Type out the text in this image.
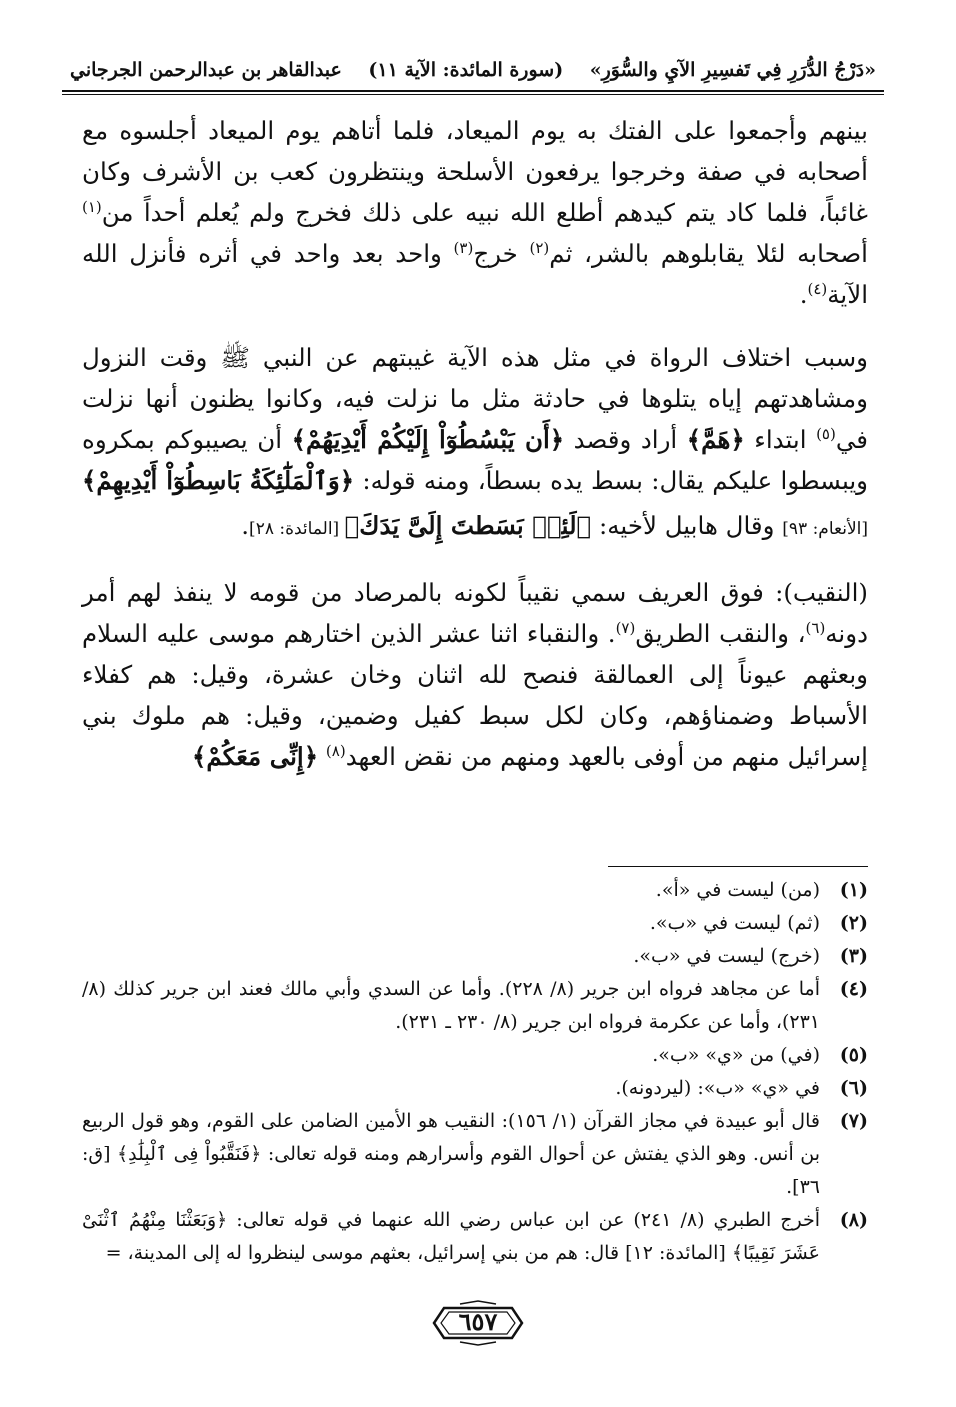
«دَرْجُ الدُّرَرِ فِي تَفسِيرِ الآيِ والسُّوَرِ»
(سورة المائدة: الآية ١١)
عبدالقاهر بن عبدالرحمن الجرجاني

بينهم وأجمعوا على الفتك به يوم الميعاد، فلما أتاهم يوم الميعاد أجلسوه مع أصحابه في صفة وخرجوا يرفعون الأسلحة وينتظرون كعب بن الأشرف وكان غائباً، فلما كاد يتم كيدهم أطلع الله نبيه على ذلك فخرج ولم يُعلم أحداً من$^{(١)}$ أصحابه لئلا يقابلوهم بالشر، ثم$^{(٢)}$ خرج$^{(٣)}$ واحد بعد واحد في أثره فأنزل الله الآية$^{(٤)}$.

وسبب اختلاف الرواة في مثل هذه الآية غيبتهم عن النبي ﷺ وقت النزول ومشاهدتهم إياه يتلوها في حادثة مثل ما نزلت فيه، وكانوا يظنون أنها نزلت في$^{(٥)}$ ابتداء ﴿هَمَّ﴾ أراد وقصد ﴿أَن يَبْسُطُوٓاْ إِلَيْكُمْ أَيْدِيَهُمْ﴾ أن يصيبوكم بمكروه ويبسطوا عليكم يقال: بسط يده بسطاً، ومنه قوله: ﴿وَٱلْمَلَٰٓئِكَةُ بَاسِطُوٓاْ أَيْدِيهِمْ﴾ [الأنعام: ٩٣] وقال هابيل لأخيه: ﴿لَئِنۢ بَسَطتَ إِلَىَّ يَدَكَ﴾ [المائدة: ٢٨].

(النقيب): فوق العريف سمي نقيباً لكونه بالمرصاد من قومه لا ينفذ لهم أمر دونه$^{(٦)}$، والنقب الطريق$^{(٧)}$. والنقباء اثنا عشر الذين اختارهم موسى عليه السلام وبعثهم عيوناً إلى العمالقة فنصح لله اثنان وخان عشرة، وقيل: هم كفلاء الأسباط وضمناؤهم، وكان لكل سبط كفيل وضمين، وقيل: هم ملوك بني إسرائيل منهم من أوفى بالعهد ومنهم من نقض العهد$^{(٨)}$ ﴿إِنِّى مَعَكُمْ﴾

(١)
(من) ليست في «أ».
(٢)
(ثم) ليست في «ب».
(٣)
(خرج) ليست في «ب».
(٤)
أما عن مجاهد فرواه ابن جرير (٨/ ٢٢٨). وأما عن السدي وأبي مالك فعند ابن جرير كذلك (٨/ ٢٣١)، وأما عن عكرمة فرواه ابن جرير (٨/ ٢٣٠ ـ ٢٣١).
(٥)
(في) من «ي» «ب».
(٦)
في «ي» «ب»: (ليردونه).
(٧)
قال أبو عبيدة في مجاز القرآن (١/ ١٥٦): النقيب هو الأمين الضامن على القوم، وهو قول الربيع بن أنس. وهو الذي يفتش عن أحوال القوم وأسرارهم ومنه قوله تعالى: ﴿فَنَقَّبُواْ فِى ٱلْبِلَٰدِ﴾ [ق: ٣٦].
(٨)
أخرج الطبري (٨/ ٢٤١) عن ابن عباس رضي الله عنهما في قوله تعالى: ﴿وَبَعَثْنَا مِنْهُمُ ٱثْنَىْ عَشَرَ نَقِيبًا﴾ [المائدة: ١٢] قال: هم من بني إسرائيل، بعثهم موسى لينظروا له إلى المدينة، =
٦٥٧
